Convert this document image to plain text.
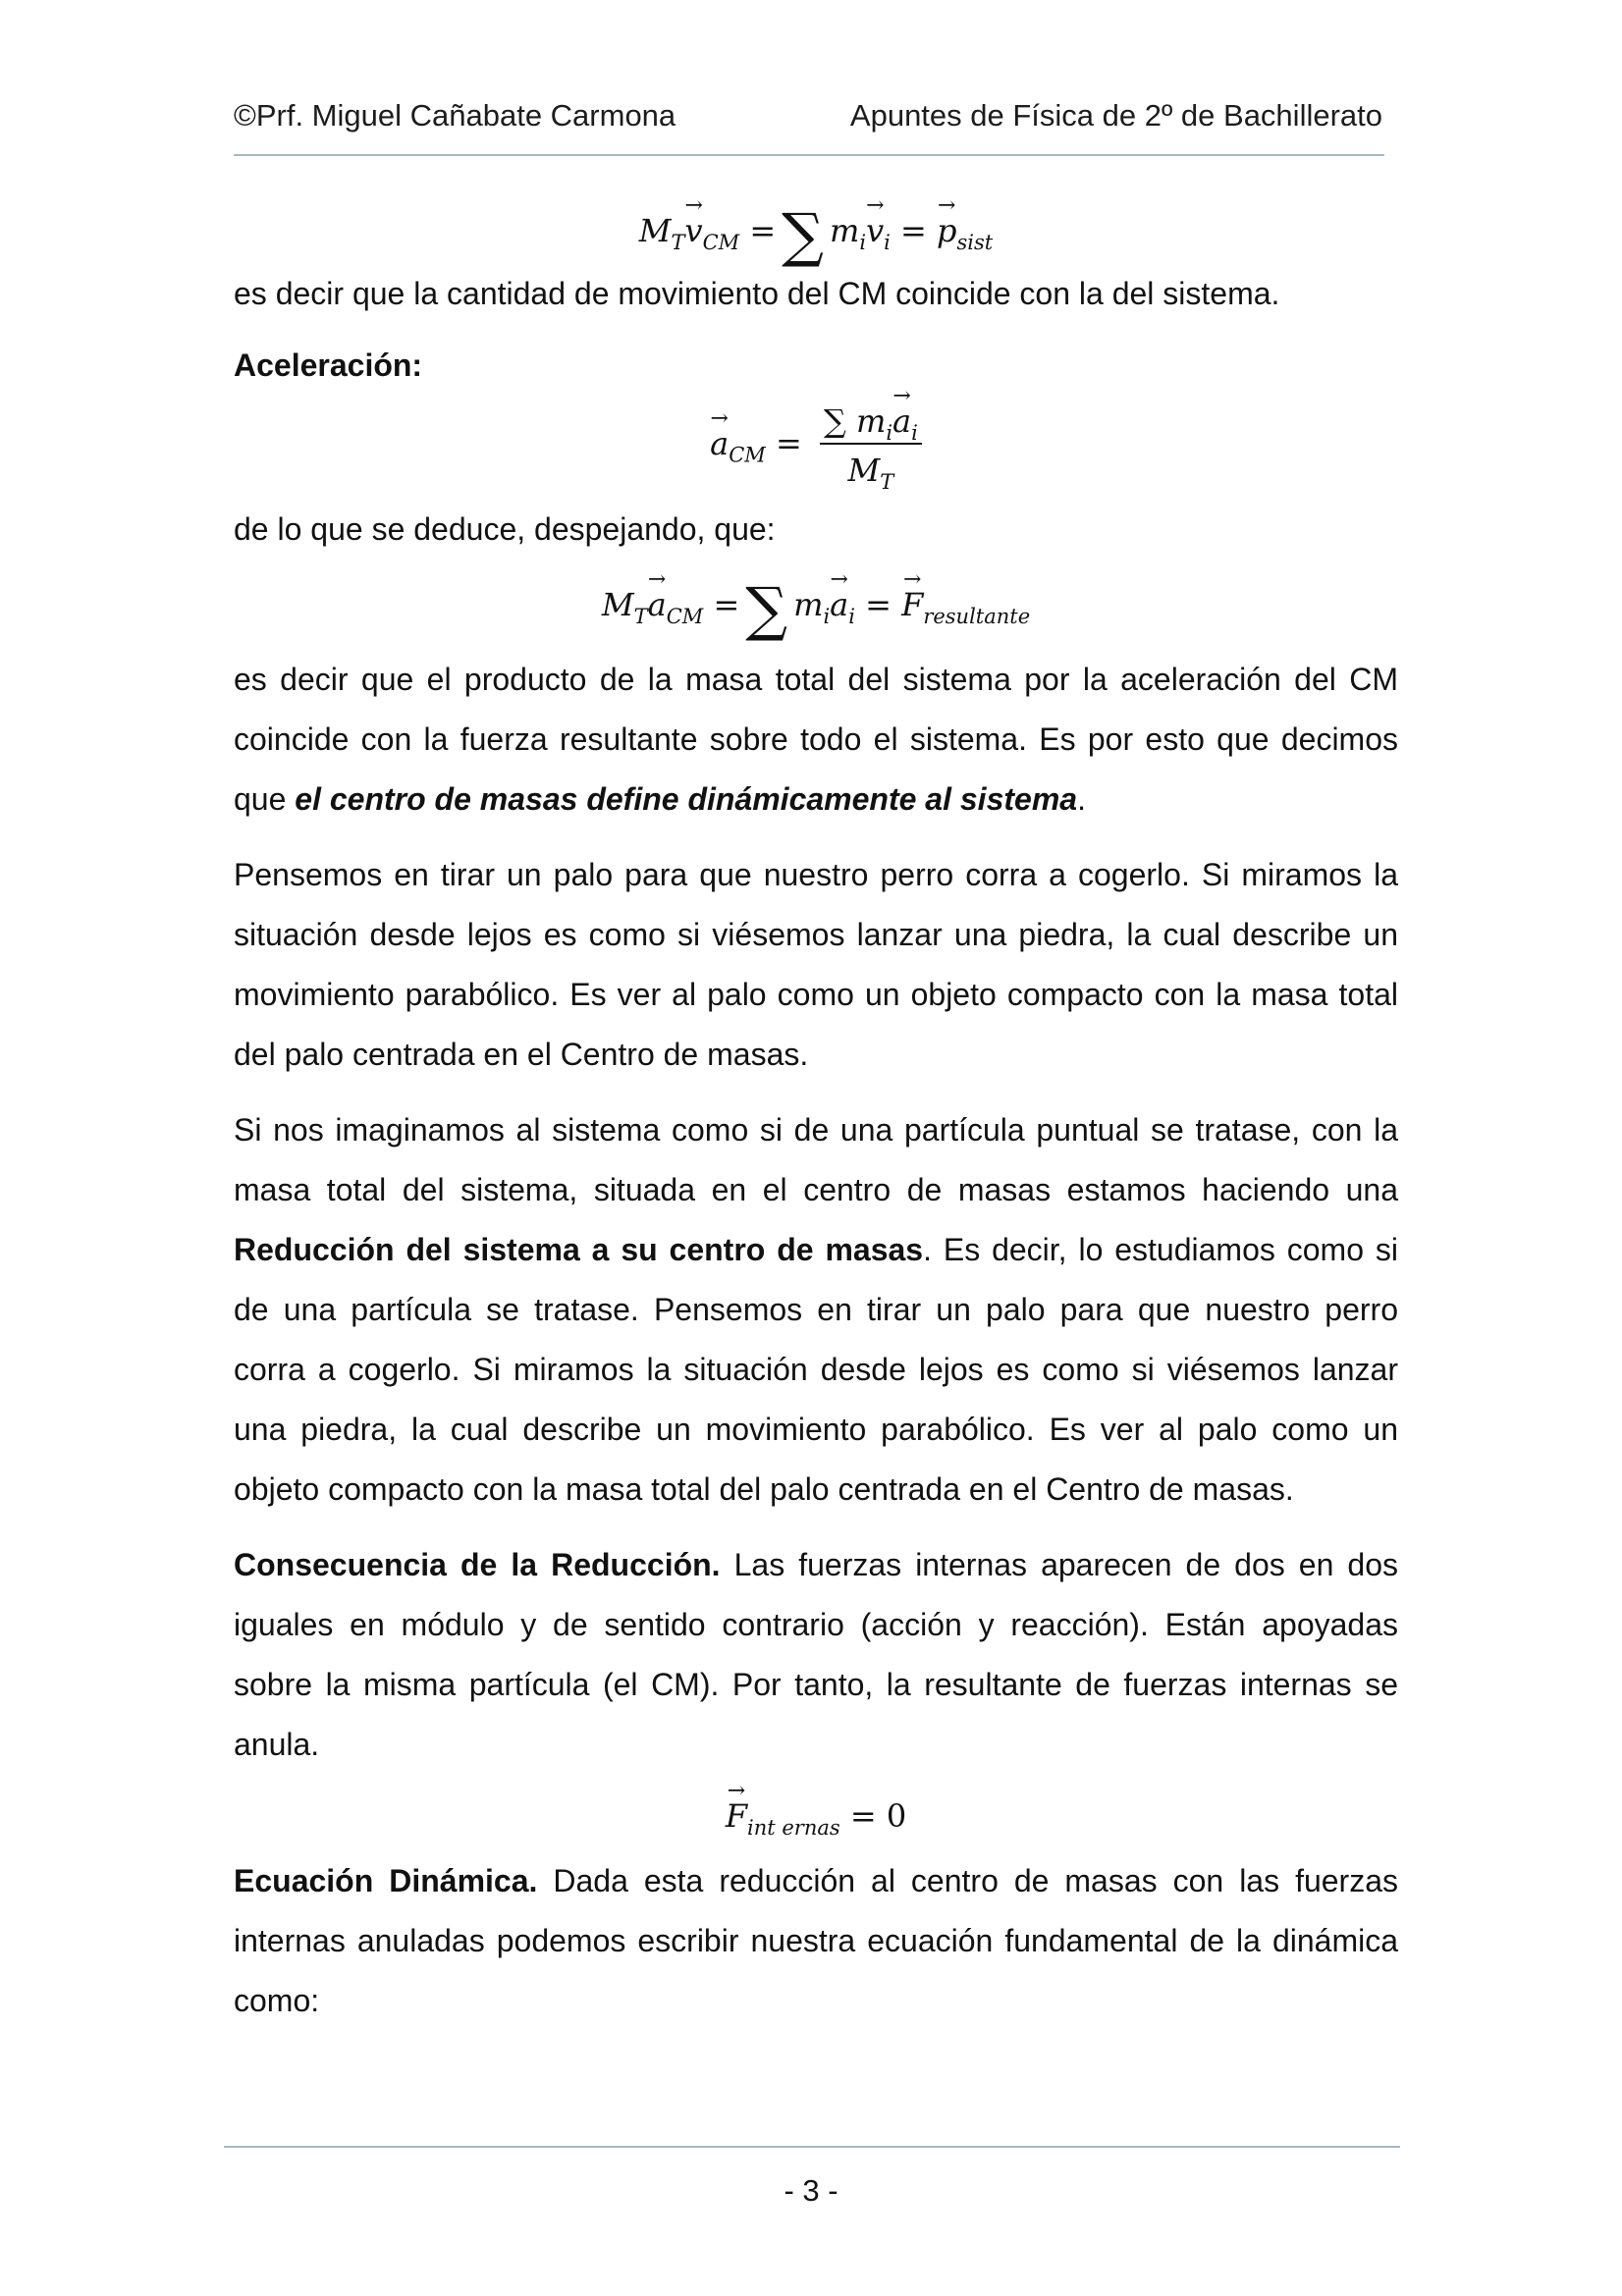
©Prf. Miguel Cañabate Carmona	Apuntes de Física de 2º de Bachillerato
$M_T\to v_{CM}$ = ∑ $m_i\to v_i$ = → $p_{sist}$

es decir que la cantidad de movimiento del CM coincide con la del sistema.

Aceleración:

→ $a_{CM} = \frac{\sum m_i\to a_i}{M_T}$

de lo que se deduce, despejando, que:

$M_T\to a_{CM}$ = ∑ $m_i\to a_i$ = → $F_{resultante}$

es decir que el producto de la masa total del sistema por la aceleración del CM coincide con la fuerza resultante sobre todo el sistema. Es por esto que decimos que el centro de masas define dinámicamente al sistema.

Pensemos en tirar un palo para que nuestro perro corra a cogerlo. Si miramos la situación desde lejos es como si viésemos lanzar una piedra, la cual describe un movimiento parabólico. Es ver al palo como un objeto compacto con la masa total del palo centrada en el Centro de masas.

Si nos imaginamos al sistema como si de una partícula puntual se tratase, con la masa total del sistema, situada en el centro de masas estamos haciendo una Reducción del sistema a su centro de masas. Es decir, lo estudiamos como si de una partícula se tratase. Pensemos en tirar un palo para que nuestro perro corra a cogerlo. Si miramos la situación desde lejos es como si viésemos lanzar una piedra, la cual describe un movimiento parabólico. Es ver al palo como un objeto compacto con la masa total del palo centrada en el Centro de masas.

Consecuencia de la Reducción. Las fuerzas internas aparecen de dos en dos iguales en módulo y de sentido contrario (acción y reacción). Están apoyadas sobre la misma partícula (el CM). Por tanto, la resultante de fuerzas internas se anula.

→ $F_{int ernas} = 0$

Ecuación Dinámica. Dada esta reducción al centro de masas con las fuerzas internas anuladas podemos escribir nuestra ecuación fundamental de la dinámica como:

- 3 -
